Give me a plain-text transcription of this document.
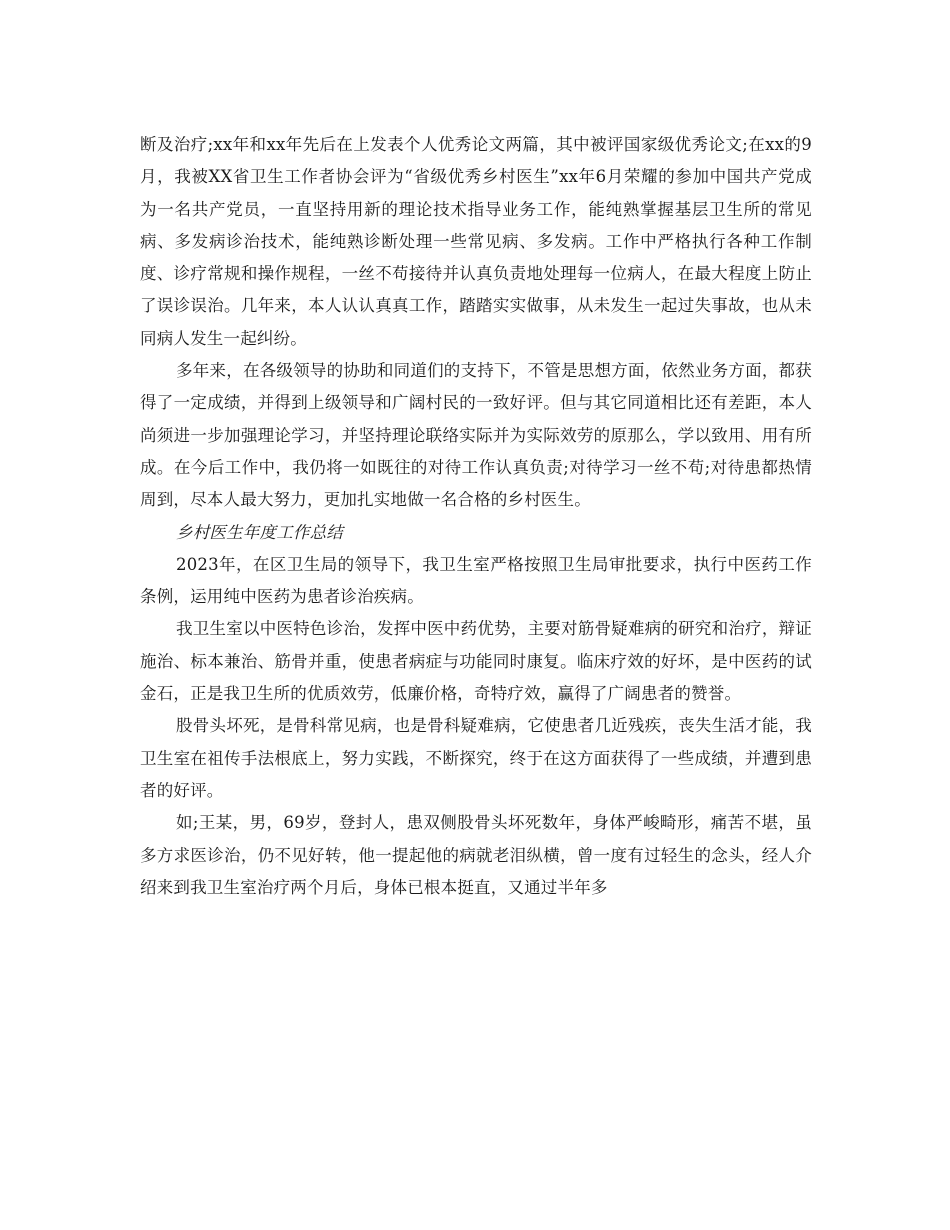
断及治疗;xx年和xx年先后在上发表个人优秀论文两篇，其中被评国家级优秀论文;在xx的9月，我被XX省卫生工作者协会评为“省级优秀乡村医生”xx年6月荣耀的参加中国共产党成为一名共产党员，一直坚持用新的理论技术指导业务工作，能纯熟掌握基层卫生所的常见病、多发病诊治技术，能纯熟诊断处理一些常见病、多发病。工作中严格执行各种工作制度、诊疗常规和操作规程，一丝不苟接待并认真负责地处理每一位病人，在最大程度上防止了误诊误治。几年来，本人认认真真工作，踏踏实实做事，从未发生一起过失事故，也从未同病人发生一起纠纷。

多年来，在各级领导的协助和同道们的支持下，不管是思想方面，依然业务方面，都获得了一定成绩，并得到上级领导和广阔村民的一致好评。但与其它同道相比还有差距，本人尚须进一步加强理论学习，并坚持理论联络实际并为实际效劳的原那么，学以致用、用有所成。在今后工作中，我仍将一如既往的对待工作认真负责;对待学习一丝不苟;对待患都热情周到，尽本人最大努力，更加扎实地做一名合格的乡村医生。

乡村医生年度工作总结

2023年，在区卫生局的领导下，我卫生室严格按照卫生局审批要求，执行中医药工作条例，运用纯中医药为患者诊治疾病。

我卫生室以中医特色诊治，发挥中医中药优势，主要对筋骨疑难病的研究和治疗，辩证施治、标本兼治、筋骨并重，使患者病症与功能同时康复。临床疗效的好坏，是中医药的试金石，正是我卫生所的优质效劳，低廉价格，奇特疗效，赢得了广阔患者的赞誉。

股骨头坏死，是骨科常见病，也是骨科疑难病，它使患者几近残疾，丧失生活才能，我卫生室在祖传手法根底上，努力实践，不断探究，终于在这方面获得了一些成绩，并遭到患者的好评。

如;王某，男，69岁，登封人，患双侧股骨头坏死数年，身体严峻畸形，痛苦不堪，虽多方求医诊治，仍不见好转，他一提起他的病就老泪纵横，曾一度有过轻生的念头，经人介绍来到我卫生室治疗两个月后，身体已根本挺直，又通过半年多
